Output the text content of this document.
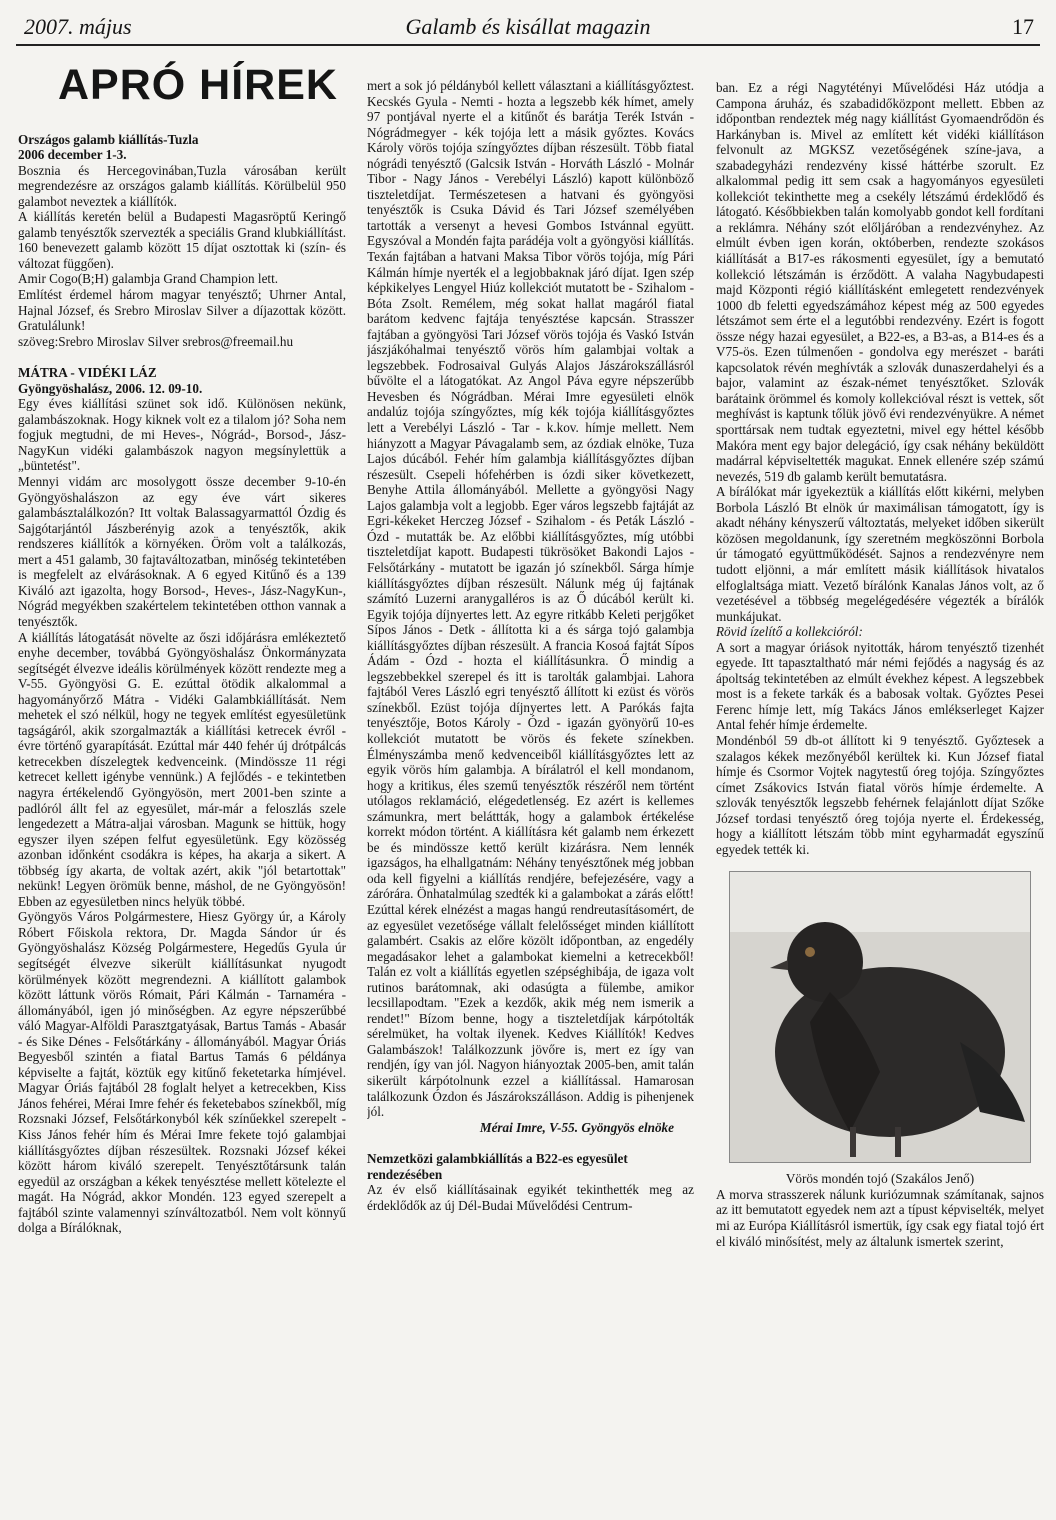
2007. május	Galamb és kisállat magazin	17
APRÓ HÍREK

Országos galamb kiállítás-Tuzla

2006 december 1-3.

Bosznia és Hercegovinában,Tuzla városában került megrendezésre az országos galamb kiállítás. Körülbelül 950 galambot neveztek a kiállítók.

A kiállítás keretén belül a Budapesti Magasröptű Keringő galamb tenyésztők szervezték a speciális Grand klubkiállítást. 160 benevezett galamb között 15 díjat osztottak ki (szín- és változat függően).

Amir Cogo(B;H) galambja Grand Champion lett.

Említést érdemel három magyar tenyésztő; Uhrner Antal, Hajnal József, és Srebro Miroslav Silver a díjazottak között. Gratulálunk!

szöveg:Srebro Miroslav Silver srebros@freemail.hu

MÁTRA - VIDÉKI LÁZ

Gyöngyöshalász, 2006. 12. 09-10.

Egy éves kiállítási szünet sok idő. Különösen nekünk, galambászoknak. Hogy kiknek volt ez a tilalom jó? Soha nem fogjuk megtudni, de mi Heves-, Nógrád-, Borsod-, Jász-NagyKun vidéki galambászok nagyon megsínylettük a „büntetést".

Mennyi vidám arc mosolygott össze december 9-10-én Gyöngyöshalászon az egy éve várt sikeres galambásztalálkozón? Itt voltak Balassagyarmattól Ózdig és Sajgótarjántól Jászberényig azok a tenyésztők, akik rendszeres kiállítók a környéken. Öröm volt a találkozás, mert a 451 galamb, 30 fajtaváltozatban, minőség tekintetében is megfelelt az elvárásoknak. A 6 egyed Kitűnő és a 139 Kiváló azt igazolta, hogy Borsod-, Heves-, Jász-NagyKun-, Nógrád megyékben szakértelem tekintetében otthon vannak a tenyésztők.

A kiállítás látogatását növelte az őszi időjárásra emlékeztető enyhe december, továbbá Gyöngyöshalász Önkormányzata segítségét élvezve ideális körülmények között rendezte meg a V-55. Gyöngyösi G. E. ezúttal ötödik alkalommal a hagyományőrző Mátra - Vidéki Galambkiállítását. Nem mehetek el szó nélkül, hogy ne tegyek említést egyesületünk tagságáról, akik szorgalmazták a kiállítási ketrecek évről - évre történő gyarapítását. Ezúttal már 440 fehér új drótpálcás ketrecekben díszelegtek kedvenceink. (Mindössze 11 régi ketrecet kellett igénybe vennünk.) A fejlődés - e tekintetben nagyra értékelendő Gyöngyösön, mert 2001-ben szinte a padlóról állt fel az egyesület, már-már a feloszlás szele lengedezett a Mátra-aljai városban. Magunk se hittük, hogy egyszer ilyen szépen felfut egyesületünk. Egy közösség azonban időnként csodákra is képes, ha akarja a sikert. A többség így akarta, de voltak azért, akik "jól betartottak" nekünk! Legyen örömük benne, máshol, de ne Gyöngyösön! Ebben az egyesületben nincs helyük többé.

Gyöngyös Város Polgármestere, Hiesz György úr, a Károly Róbert Főiskola rektora, Dr. Magda Sándor úr és Gyöngyöshalász Község Polgármestere, Hegedűs Gyula úr segítségét élvezve sikerült kiállításunkat nyugodt körülmények között megrendezni. A kiállított galambok között láttunk vörös Rómait, Pári Kálmán - Tarnaméra - állományából, igen jó minőségben. Az egyre népszerűbbé váló Magyar-Alföldi Parasztgatyásak, Bartus Tamás - Abasár - és Sike Dénes - Felsőtárkány - állományából. Magyar Óriás Begyesből szintén a fiatal Bartus Tamás 6 példánya képviselte a fajtát, köztük egy kitűnő feketetarka hímjével. Magyar Óriás fajtából 28 foglalt helyet a ketrecekben, Kiss János fehérei, Mérai Imre fehér és feketebabos színekből, míg Rozsnaki József, Felsőtárkonyból kék színűekkel szerepelt - Kiss János fehér hím és Mérai Imre fekete tojó galambjai kiállításgyőztes díjban részesültek. Rozsnaki József kékei között három kiváló szerepelt. Tenyésztőtársunk talán egyedül az országban a kékek tenyésztése mellett kötelezte el magát. Ha Nógrád, akkor Mondén. 123 egyed szerepelt a fajtából szinte valamennyi színváltozatból. Nem volt könnyű dolga a Bírálóknak,

mert a sok jó példányból kellett választani a kiállításgyőztest. Kecskés Gyula - Nemti - hozta a legszebb kék hímet, amely 97 pontjával nyerte el a kitűnőt és barátja Terék István - Nógrádmegyer - kék tojója lett a másik győztes. Kovács Károly vörös tojója színgyőztes díjban részesült. Több fiatal nógrádi tenyésztő (Galcsik István - Horváth László - Molnár Tibor - Nagy János - Verebélyi László) kapott különböző tiszteletdíjat. Természetesen a hatvani és gyöngyösi tenyésztők is Csuka Dávid és Tari József személyében tartották a versenyt a hevesi Gombos Istvánnal együtt. Egyszóval a Mondén fajta parádéja volt a gyöngyösi kiállítás. Texán fajtában a hatvani Maksa Tibor vörös tojója, míg Pári Kálmán hímje nyerték el a legjobbaknak járó díjat. Igen szép képkikelyes Lengyel Hiúz kollekciót mutatott be - Szihalom - Bóta Zsolt. Remélem, még sokat hallat magáról fiatal barátom kedvenc fajtája tenyésztése kapcsán. Strasszer fajtában a gyöngyösi Tari József vörös tojója és Vaskó István jászjákóhalmai tenyésztő vörös hím galambjai voltak a legszebbek. Fodrosaival Gulyás Alajos Jászárokszállásról bűvölte el a látogatókat. Az Angol Páva egyre népszerűbb Hevesben és Nógrádban. Mérai Imre egyesületi elnök andalúz tojója színgyőztes, míg kék tojója kiállításgyőztes lett a Verebélyi László - Tar - k.kov. hímje mellett. Nem hiányzott a Magyar Pávagalamb sem, az ózdiak elnöke, Tuza Lajos dúcából. Fehér hím galambja kiállításgyőztes díjban részesült. Csepeli hófehérben is ózdi siker következett, Benyhe Attila állományából. Mellette a gyöngyösi Nagy Lajos galambja volt a legjobb. Eger város legszebb fajtáját az Egri-kékeket Herczeg József - Szihalom - és Peták László - Ózd - mutatták be. Az előbbi kiállításgyőztes, míg utóbbi tiszteletdíjat kapott. Budapesti tükrösöket Bakondi Lajos - Felsőtárkány - mutatott be igazán jó színekből. Sárga hímje kiállításgyőztes díjban részesült. Nálunk még új fajtának számító Luzerni aranygalléros is az Ő dúcából került ki. Egyik tojója díjnyertes lett. Az egyre ritkább Keleti perjgőket Sípos János - Detk - állította ki a és sárga tojó galambja kiállításgyőztes díjban részesült. A francia Kosoá fajtát Sípos Ádám - Ózd - hozta el kiállításunkra. Ő mindig a legszebbekkel szerepel és itt is tarolták galambjai. Lahora fajtából Veres László egri tenyésztő állított ki ezüst és vörös színekből. Ezüst tojója díjnyertes lett. A Parókás fajta tenyésztője, Botos Károly - Ózd - igazán gyönyörű 10-es kollekciót mutatott be vörös és fekete színekben. Élményszámba menő kedvenceiből kiállításgyőztes lett az egyik vörös hím galambja. A bírálatról el kell mondanom, hogy a kritikus, éles szemű tenyésztők részéről nem történt utólagos reklamáció, elégedetlenség. Ez azért is kellemes számunkra, mert beláttták, hogy a galambok értékelése korrekt módon történt. A kiállításra két galamb nem érkezett be és mindössze kettő került kizárásra. Nem lennék igazságos, ha elhallgatnám: Néhány tenyésztőnek még jobban oda kell figyelni a kiállítás rendjére, befejezésére, vagy a zárórára. Önhatalmúlag szedték ki a galambokat a zárás előtt! Ezúttal kérek elnézést a magas hangú rendreutasításomért, de az egyesület vezetősége vállalt felelősséget minden kiállított galambért. Csakis az előre közölt időpontban, az engedély megadásakor lehet a galambokat kiemelni a ketrecekből! Talán ez volt a kiállítás egyetlen szépséghibája, de igaza volt rutinos barátomnak, aki odasúgta a fülembe, amikor lecsillapodtam. "Ezek a kezdők, akik még nem ismerik a rendet!" Bízom benne, hogy a tiszteletdíjak kárpótolták sérelmüket, ha voltak ilyenek. Kedves Kiállítók! Kedves Galambászok! Találkozzunk jövőre is, mert ez így van rendjén, így van jól. Nagyon hiányoztak 2005-ben, amit talán sikerült kárpótolnunk ezzel a kiállítással. Hamarosan találkozunk Ózdon és Jászárokszálláson. Addig is pihenjenek jól.

Mérai Imre, V-55. Gyöngyös elnöke

Nemzetközi galambkiállítás a B22-es egyesület rendezésében

Az év első kiállításainak egyikét tekinthették meg az érdeklődők az új Dél-Budai Művelődési Centrum-

ban. Ez a régi Nagytétényi Művelődési Ház utódja a Campona áruház, és szabadidőközpont mellett. Ebben az időpontban rendeztek még nagy kiállítást Gyomaendrődön és Harkányban is. Mivel az említett két vidéki kiállításon felvonult az MGKSZ vezetőségének színe-java, a szabadegyházi rendezvény kissé háttérbe szorult. Ez alkalommal pedig itt sem csak a hagyományos egyesületi kollekciót tekinthette meg a csekély létszámú érdeklődő és látogató. Későbbiekben talán komolyabb gondot kell fordítani a reklámra. Néhány szót előljáróban a rendezvényhez. Az elmúlt évben igen korán, októberben, rendezte szokásos kiállítását a B17-es rákosmenti egyesület, így a bemutató kollekció létszámán is érződött. A valaha Nagybudapesti majd Központi régió kiállításként emlegetett rendezvények 1000 db feletti egyedszámához képest még az 500 egyedes létszámot sem érte el a legutóbbi rendezvény. Ezért is fogott össze négy hazai egyesület, a B22-es, a B3-as, a B14-es és a V75-ös. Ezen túlmenően - gondolva egy merészet - baráti kapcsolatok révén meghívták a szlovák dunaszerdahelyi és a bajor, valamint az észak-német tenyésztőket. Szlovák barátaink örömmel és komoly kollekcióval részt is vettek, sőt meghívást is kaptunk tőlük jövő évi rendezvényükre. A német sporttársak nem tudtak egyeztetni, mivel egy héttel később Makóra ment egy bajor delegáció, így csak néhány beküldött madárral képviseltették magukat. Ennek ellenére szép számú nevezés, 519 db galamb került bemutatásra.

A bírálókat már igyekeztük a kiállítás előtt kikérni, melyben Borbola László Bt elnök úr maximálisan támogatott, így is akadt néhány kényszerű változtatás, melyeket időben sikerült közösen megoldanunk, így szeretném megköszönni Borbola úr támogató együttműködését. Sajnos a rendezvényre nem tudott eljönni, a már említett másik kiállítások hivatalos elfoglaltsága miatt. Vezető bírálónk Kanalas János volt, az ő vezetésével a többség megelégedésére végezték a bírálók munkájukat.

Rövid ízelítő a kollekcióról:

A sort a magyar óriások nyitották, három tenyésztő tizenhét egyede. Itt tapasztaltható már némi fejődés a nagyság és az ápoltság tekintetében az elmúlt évekhez képest. A legszebbek most is a fekete tarkák és a babosak voltak. Győztes Pesei Ferenc hímje lett, míg Takács János emlékserleget Kajzer Antal fehér hímje érdemelte.

Mondénból 59 db-ot állított ki 9 tenyésztő. Győztesek a szalagos kékek mezőnyéből kerültek ki. Kun József fiatal hímje és Csormor Vojtek nagytestű óreg tojója. Színgyőztes címet Zsákovics István fiatal vörös hímje érdemelte. A szlovák tenyésztők legszebb fehérnek felajánlott díjat Szőke József tordasi tenyésztő óreg tojója nyerte el. Érdekesség, hogy a kiállított létszám több mint egyharmadát egyszínű egyedek tették ki.

Vörös mondén tojó (Szakálos Jenő)

A morva strasszerek nálunk kuriózumnak számítanak, sajnos az itt bemutatott egyedek nem azt a típust képviselték, melyet mi az Európa Kiállításról ismertük, így csak egy fiatal tojó ért el kiváló minősítést, mely az általunk ismertek szerint,
